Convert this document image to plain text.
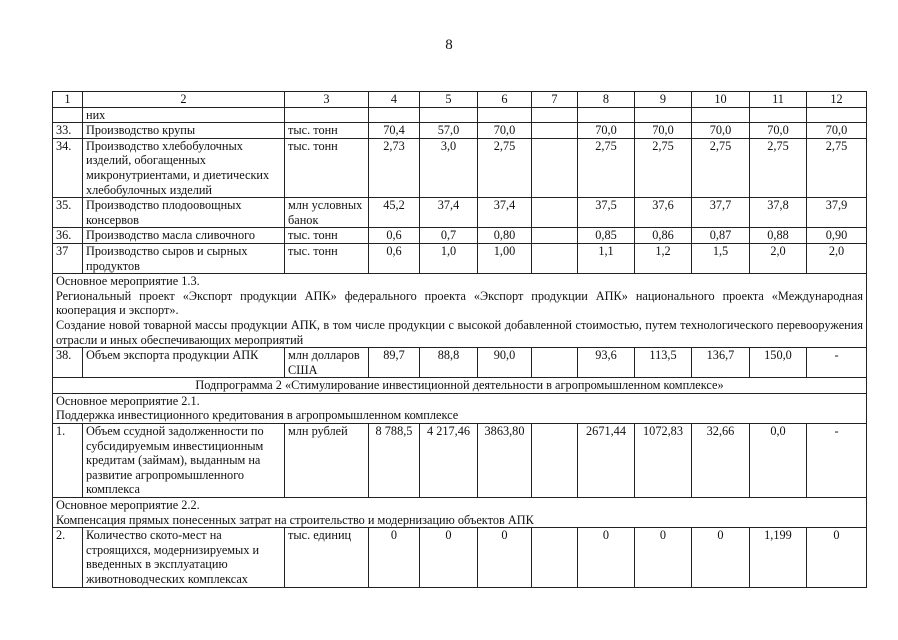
8
1	2	3	4	5	6	7	8	9	10	11	12
	них										
33.	Производство крупы	тыс. тонн	70,4	57,0	70,0		70,0	70,0	70,0	70,0	70,0
34.	Производство хлебобулочных изделий, обогащенных микронутриентами, и диетических хлебобулочных изделий	тыс. тонн	2,73	3,0	2,75		2,75	2,75	2,75	2,75	2,75
35.	Производство плодоовощных консервов	млн условных банок	45,2	37,4	37,4		37,5	37,6	37,7	37,8	37,9
36.	Производство масла сливочного	тыс. тонн	0,6	0,7	0,80		0,85	0,86	0,87	0,88	0,90
37	Производство сыров и сырных продуктов	тыс. тонн	0,6	1,0	1,00		1,1	1,2	1,5	2,0	2,0

Основное мероприятие 1.3.
Региональный проект «Экспорт продукции АПК» федерального проекта «Экспорт продукции АПК» национального проекта «Международная кооперация и экспорт».
Создание новой товарной массы продукции АПК, в том числе продукции с высокой добавленной стоимостью, путем технологического перевооружения отрасли и иных обеспечивающих мероприятий											

38.	Объем экспорта продукции АПК	млн долларов США	89,7	88,8	90,0		93,6	113,5	136,7	150,0	-

Подпрограмма 2 «Стимулирование инвестиционной деятельности в агропромышленном комплексе»											

Основное мероприятие 2.1.
Поддержка инвестиционного кредитования в агропромышленном комплексе											

1.	Объем ссудной задолженности по субсидируемым инвестиционным кредитам (займам), выданным на развитие агропромышленного комплекса	млн рублей	8 788,5	4 217,46	3863,80		2671,44	1072,83	32,66	0,0	-

Основное мероприятие 2.2.
Компенсация прямых понесенных затрат на строительство и модернизацию объектов АПК											

2.	Количество ското-мест на строящихся, модернизируемых и введенных в эксплуатацию животноводческих комплексах	тыс. единиц	0	0	0		0	0	0	1,199	0
